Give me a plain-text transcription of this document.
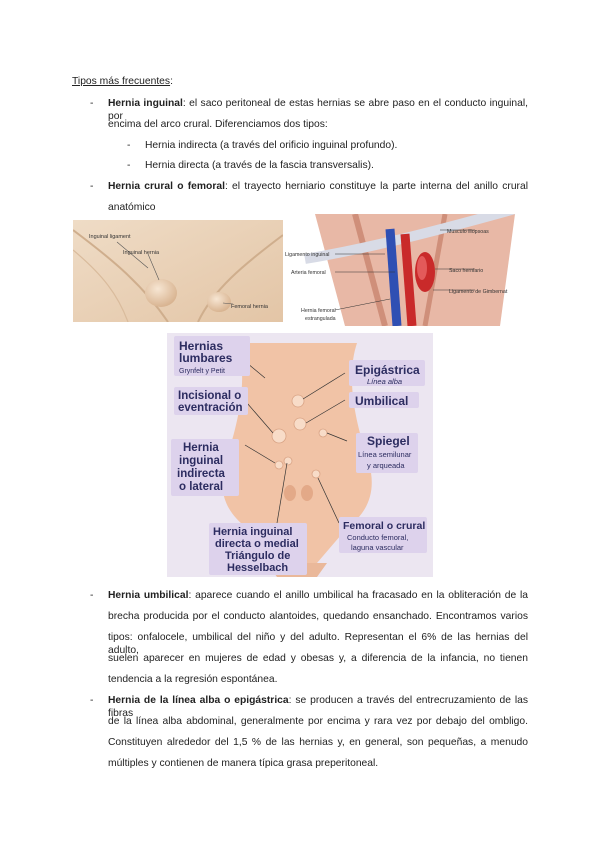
Tipos más frecuentes:
- Hernia inguinal: el saco peritoneal de estas hernias se abre paso en el conducto inguinal, por
encima del arco crural. Diferenciamos dos tipos:
- Hernia indirecta (a través del orificio inguinal profundo).
- Hernia directa (a través de la fascia transversalis).
- Hernia crural o femoral: el trayecto herniario constituye la parte interna del anillo crural
anatómico
Inguinal ligament
Inguinal hernia
Femoral hernia
Musculo iliopsoas
Ligamento inguinal
Arteria femoral	Saco herniario
Ligamento de Gimbernat
Hernia femoral
estrangulada
Hernias
lumbares
Grynfelt y Petit	Epigástrica
Línea alba
Incisional o
eventración	Umbilical
Spiegel
Línea semilunar
y arqueada
Hernia
inguinal
indirecta
o lateral
Femoral o crural
Conducto femoral,
laguna vascular
Hernia inguinal
directa o medial
Triángulo de
Hesselbach
- Hernia umbilical: aparece cuando el anillo umbilical ha fracasado en la obliteración de la
brecha producida por el conducto alantoides, quedando ensanchado. Encontramos varios
tipos: onfalocele, umbilical del niño y del adulto. Representan el 6% de las hernias del adulto,
suelen aparecer en mujeres de edad y obesas y, a diferencia de la infancia, no tienen
tendencia a la regresión espontánea.
- Hernia de la línea alba o epigástrica: se producen a través del entrecruzamiento de las fibras
de la línea alba abdominal, generalmente por encima y rara vez por debajo del ombligo.
Constituyen alrededor del 1,5 % de las hernias y, en general, son pequeñas, a menudo
múltiples y contienen de manera típica grasa preperitoneal.
